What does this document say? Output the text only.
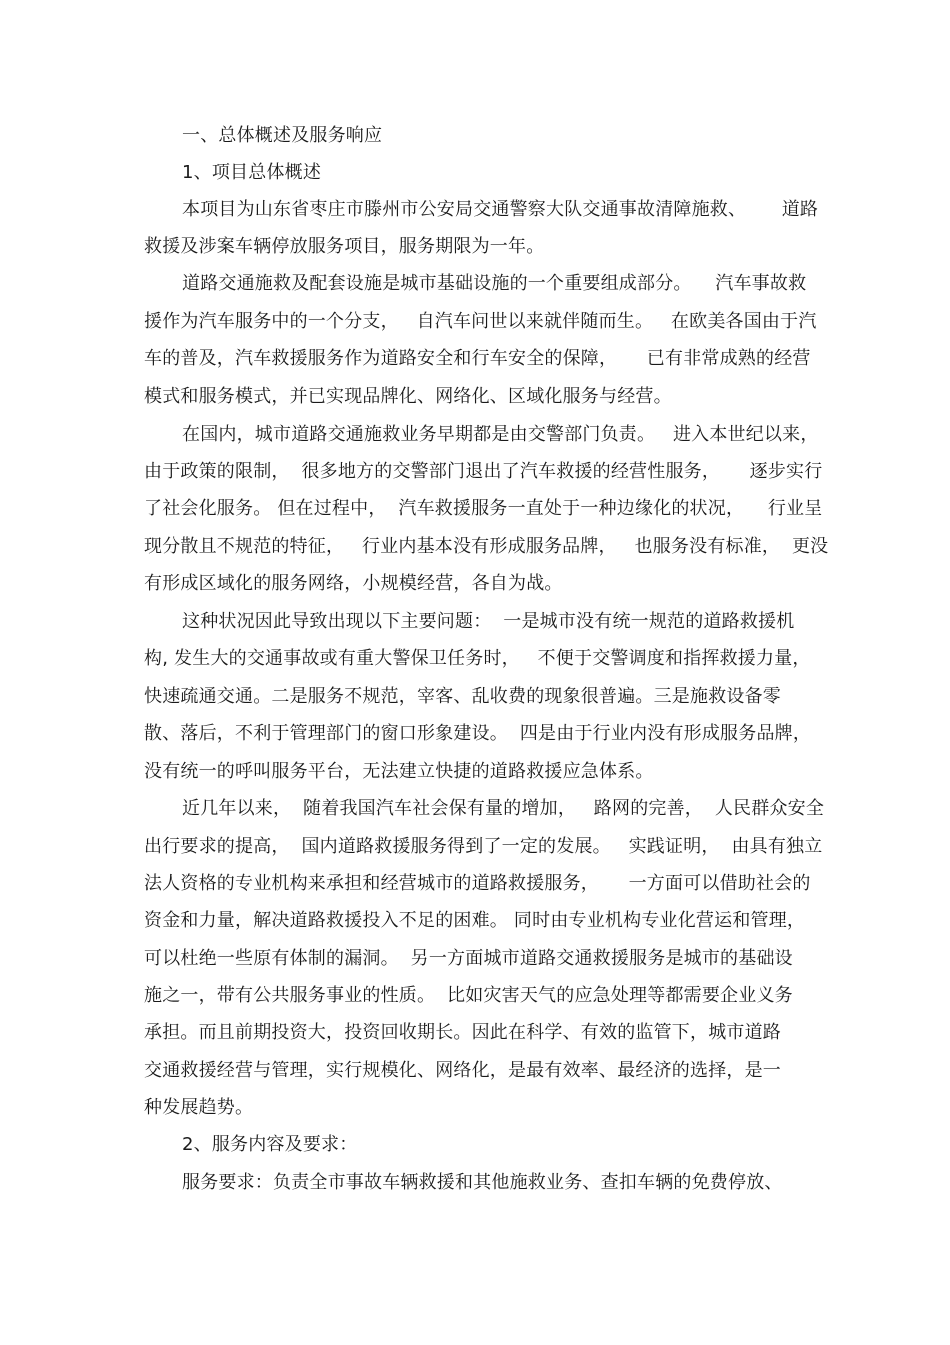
一、总体概述及服务响应

1、项目总体概述

本项目为山东省枣庄市滕州市公安局交通警察大队交通事故清障施救、      道路

救援及涉案车辆停放服务项目，服务期限为一年。

道路交通施救及配套设施是城市基础设施的一个重要组成部分。    汽车事故救

援作为汽车服务中的一个分支，   自汽车问世以来就伴随而生。   在欧美各国由于汽

车的普及，汽车救援服务作为道路安全和行车安全的保障，     已有非常成熟的经营

模式和服务模式，并已实现品牌化、网络化、区域化服务与经营。

在国内，城市道路交通施救业务早期都是由交警部门负责。   进入本世纪以来，

由于政策的限制，  很多地方的交警部门退出了汽车救援的经营性服务，     逐步实行

了社会化服务。 但在过程中，  汽车救援服务一直处于一种边缘化的状况，    行业呈

现分散且不规范的特征，   行业内基本没有形成服务品牌，   也服务没有标准，  更没

有形成区域化的服务网络，小规模经营，各自为战。

这种状况因此导致出现以下主要问题：  一是城市没有统一规范的道路救援机

构, 发生大的交通事故或有重大警保卫任务时，   不便于交警调度和指挥救援力量，

快速疏通交通。二是服务不规范，宰客、乱收费的现象很普遍。三是施救设备零

散、落后，不利于管理部门的窗口形象建设。  四是由于行业内没有形成服务品牌，

没有统一的呼叫服务平台，无法建立快捷的道路救援应急体系。

近几年以来，  随着我国汽车社会保有量的增加，   路网的完善，  人民群众安全

出行要求的提高，  国内道路救援服务得到了一定的发展。   实践证明，  由具有独立

法人资格的专业机构来承担和经营城市的道路救援服务，     一方面可以借助社会的

资金和力量，解决道路救援投入不足的困难。 同时由专业机构专业化营运和管理，

可以杜绝一些原有体制的漏洞。  另一方面城市道路交通救援服务是城市的基础设

施之一，带有公共服务事业的性质。  比如灾害天气的应急处理等都需要企业义务

承担。而且前期投资大，投资回收期长。因此在科学、有效的监管下，城市道路

交通救援经营与管理，实行规模化、网络化，是最有效率、最经济的选择，是一

种发展趋势。

2、服务内容及要求：

服务要求：负责全市事故车辆救援和其他施救业务、查扣车辆的免费停放、
